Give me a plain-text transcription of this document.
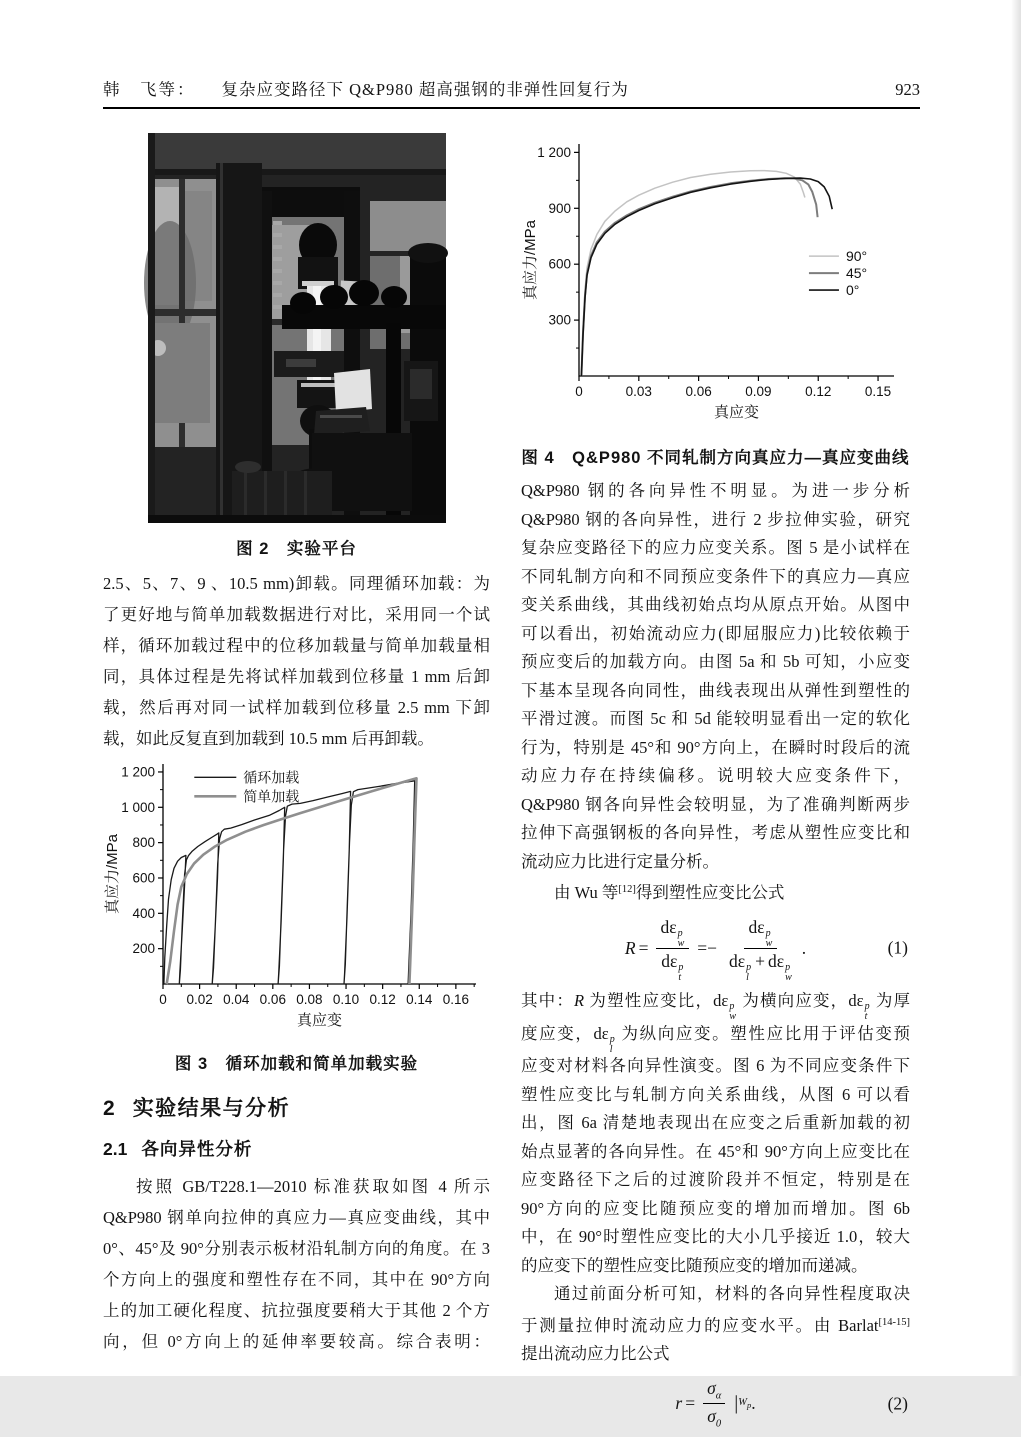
韩　飞等： 复杂应变路径下 Q&P980 超高强钢的非弹性回复行为	923
图 2　实验平台
2.5、5、7、9 、10.5 mm)卸载。同理循环加载：为
了更好地与简单加载数据进行对比，采用同一个试
样，循环加载过程中的位移加载量与简单加载量相
同，具体过程是先将试样加载到位移量 1 mm 后卸
载，然后再对同一试样加载到位移量 2.5 mm 下卸
载，如此反复直到加载到 10.5 mm 后再卸载。
0 0.02 0.04 0.06 0.08 0.10 0.12 0.14 0.16
200
400
600
800
1 000
1 200
真应变
真应力/MPa
循环加载
简单加载
图 3　循环加载和简单加载实验
2 实验结果与分析
2.1 各向异性分析
按照 GB/T228.1—2010 标准获取如图 4 所示
Q&P980 钢单向拉伸的真应力—真应变曲线，其中
0°、45°及 90°分别表示板材沿轧制方向的角度。在 3
个方向上的强度和塑性存在不同，其中在 90°方向
上的加工硬化程度、抗拉强度要稍大于其他 2 个方
向，但 0°方向上的延伸率要较高。综合表明：
0	0.03 0.06 0.09 0.12 0.15
300
600
900
1 200
真应变
真应力/MPa	90°
45°
0°
图 4　Q&P980 不同轧制方向真应力—真应变曲线
Q&P980 钢的各向异性不明显。为进一步分析
Q&P980 钢的各向异性，进行 2 步拉伸实验，研究
复杂应变路径下的应力应变关系。图 5 是小试样在
不同轧制方向和不同预应变条件下的真应力—真应
变关系曲线，其曲线初始点均从原点开始。从图中
可以看出，初始流动应力(即屈服应力)比较依赖于
预应变后的加载方向。由图 5a 和 5b 可知，小应变
下基本呈现各向同性，曲线表现出从弹性到塑性的
平滑过渡。而图 5c 和 5d 能较明显看出一定的软化
行为，特别是 45°和 90°方向上，在瞬时时段后的流
动应力存在持续偏移。说明较大应变条件下，
Q&P980 钢各向异性会较明显，为了准确判断两步
拉伸下高强钢板的各向异性，考虑从塑性应变比和
流动应力比进行定量分析。
由 Wu 等[12]得到塑性应变比公式
R = dε p
w
dε p
t =− dε p
w
dε p
l
+ dε p
w .	(1)
其中：R 为塑性应变比，dε p
w
为横向应变，dε p
t
为厚
度应变，dε p
l
为纵向应变。塑性应比用于评估变预
应变对材料各向异性演变。图 6 为不同应变条件下
塑性应变比与轧制方向关系曲线，从图 6 可以看
出，图 6a 清楚地表现出在应变之后重新加载的初
始点显著的各向异性。在 45°和 90°方向上应变比在
应变路径下之后的过渡阶段并不恒定，特别是在
90°方向的应变比随预应变的增加而增加。图 6b
中，在 90°时塑性应变比的大小几乎接近 1.0，较大
的应变下的塑性应变比随预应变的增加而递减。
通过前面分析可知，材料的各向异性程度取决
于测量拉伸时流动应力的应变水平。由 Barlat[14-15]
提出流动应力比公式
$r = \frac{\sigma_\alpha}{\sigma_0}$ | $W_p$ .	(2)
